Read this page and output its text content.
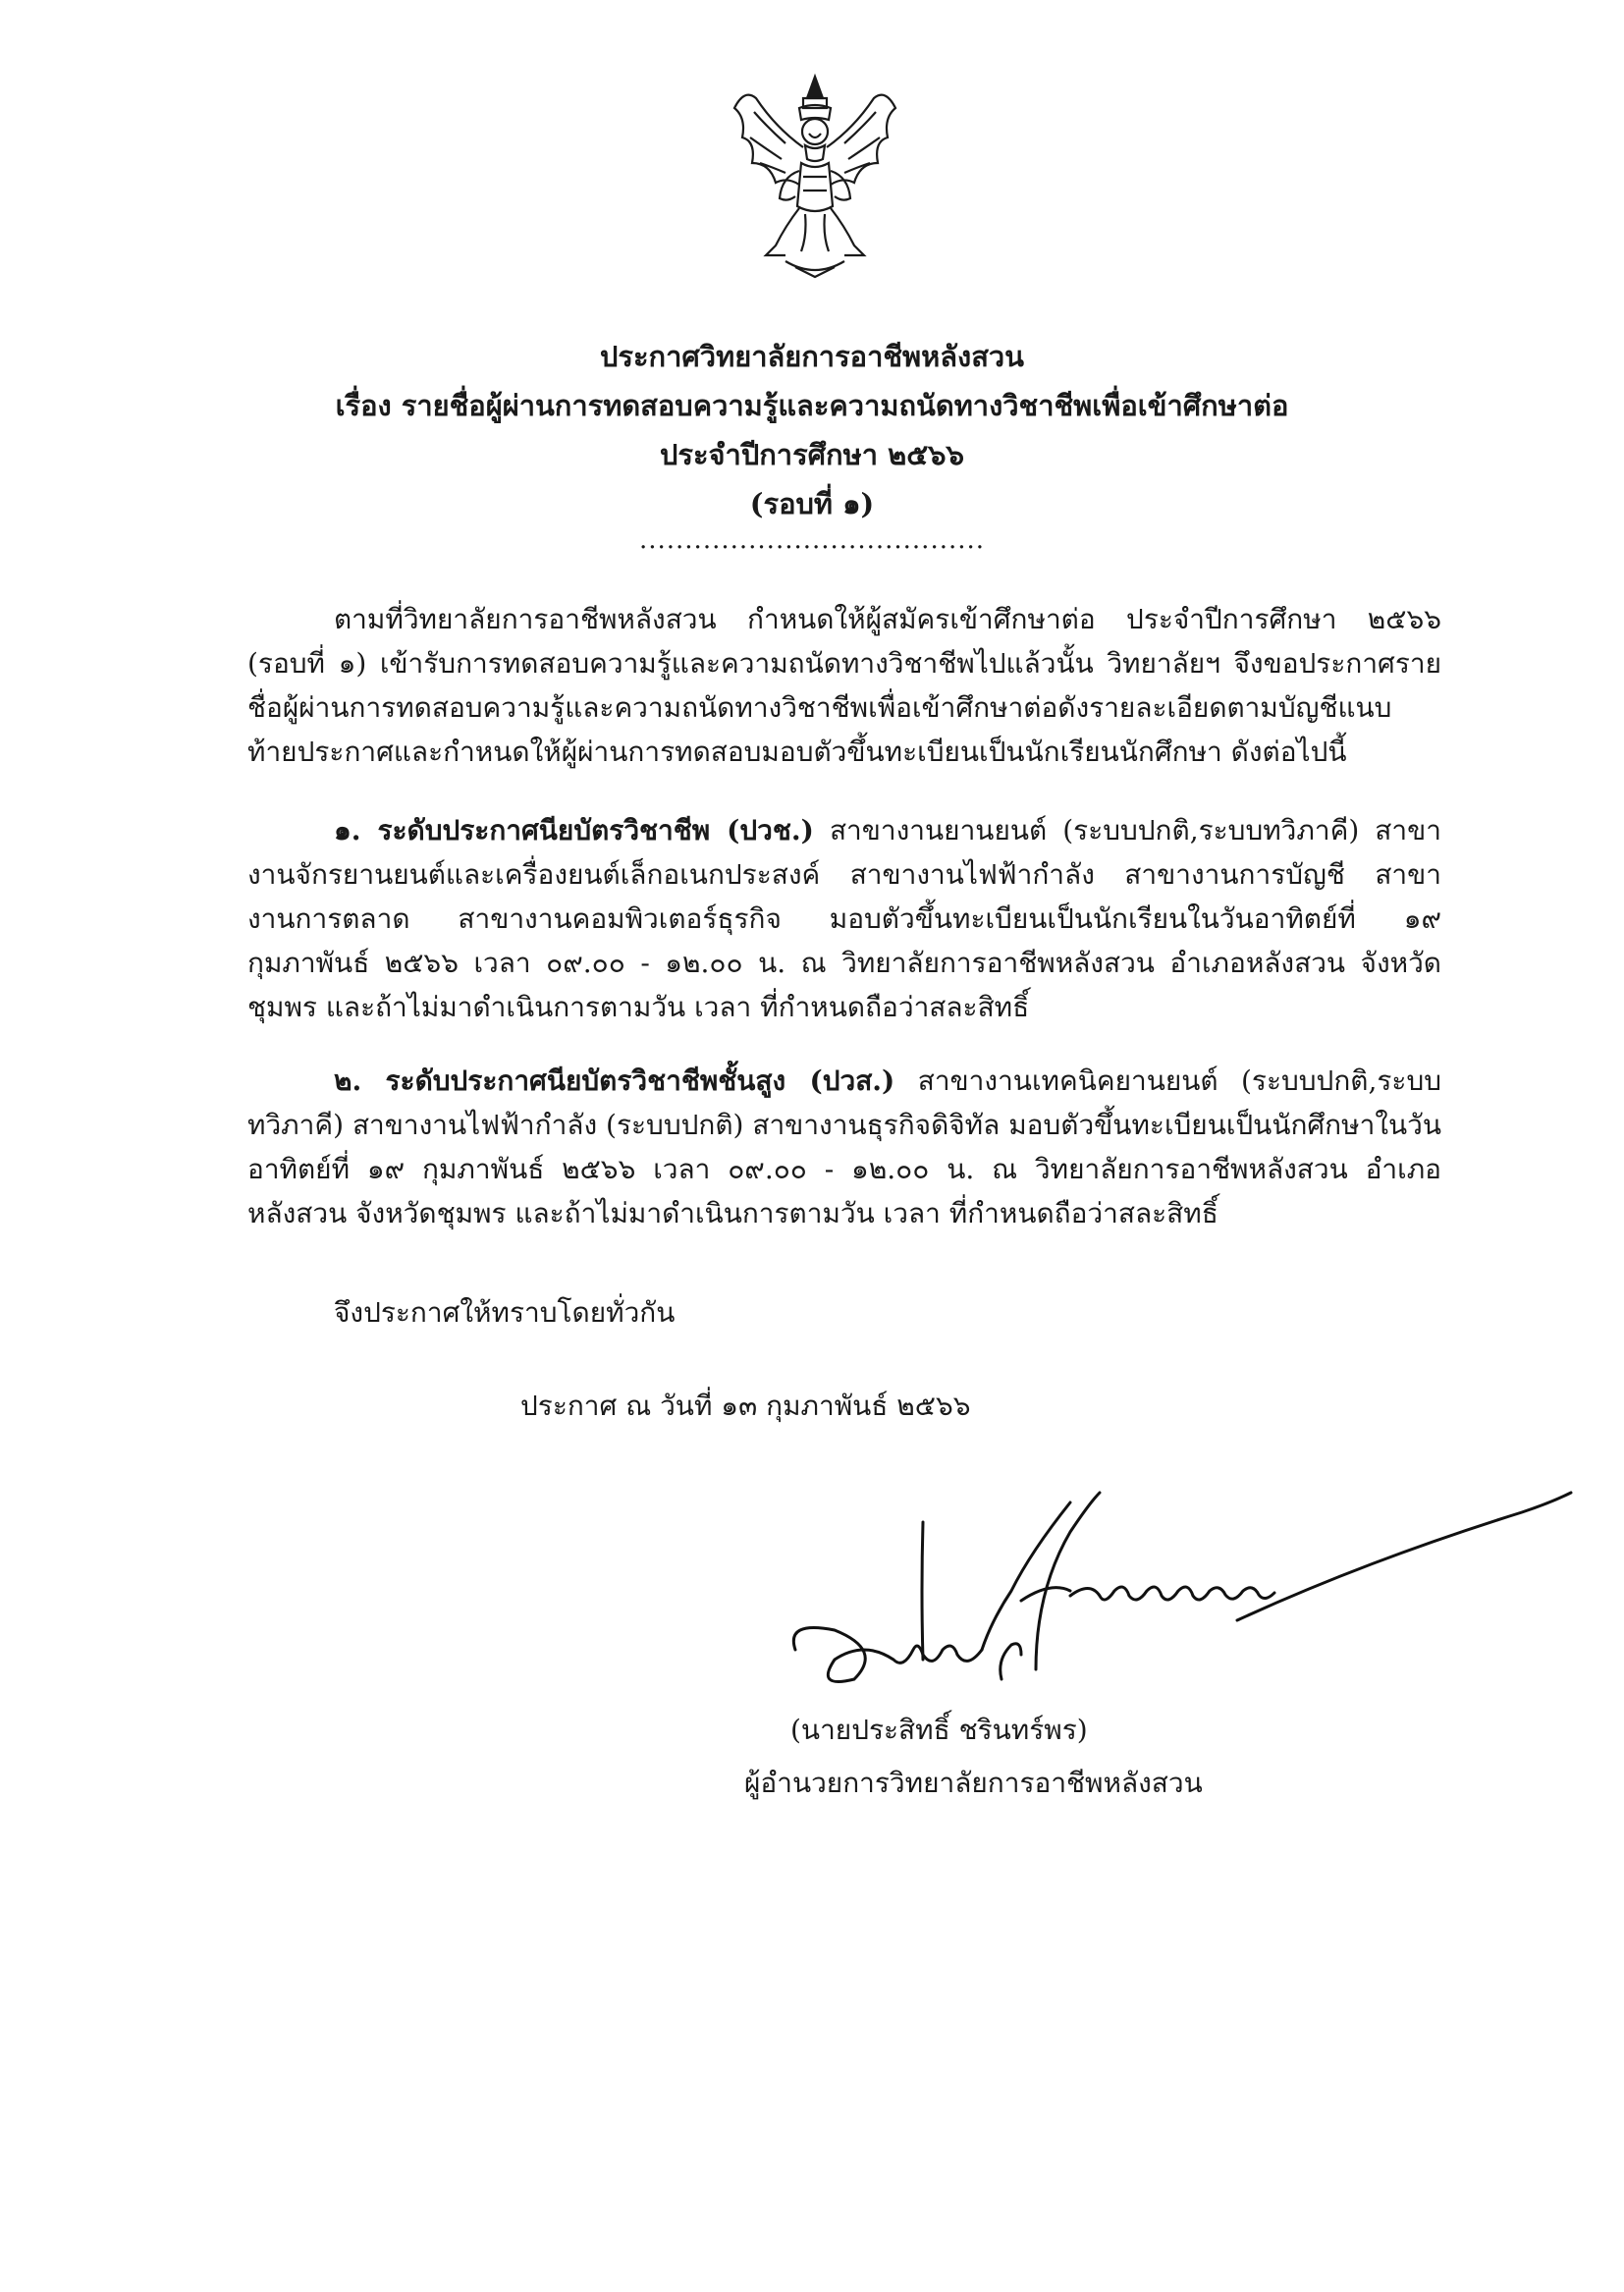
ประกาศวิทยาลัยการอาชีพหลังสวน
เรื่อง รายชื่อผู้ผ่านการทดสอบความรู้และความถนัดทางวิชาชีพเพื่อเข้าศึกษาต่อ
ประจำปีการศึกษา ๒๕๖๖
(รอบที่ ๑)
......................................
ตามที่วิทยาลัยการอาชีพหลังสวน กำหนดให้ผู้สมัครเข้าศึกษาต่อ ประจำปีการศึกษา ๒๕๖๖ (รอบที่ ๑) เข้ารับการทดสอบความรู้และความถนัดทางวิชาชีพไปแล้วนั้น วิทยาลัยฯ จึงขอประกาศรายชื่อผู้ผ่านการทดสอบความรู้และความถนัดทางวิชาชีพเพื่อเข้าศึกษาต่อดังรายละเอียดตามบัญชีแนบท้ายประกาศและกำหนดให้ผู้ผ่านการทดสอบมอบตัวขึ้นทะเบียนเป็นนักเรียนนักศึกษา ดังต่อไปนี้
๑. ระดับประกาศนียบัตรวิชาชีพ (ปวช.) สาขางานยานยนต์ (ระบบปกติ,ระบบทวิภาคี) สาขางานจักรยานยนต์และเครื่องยนต์เล็กอเนกประสงค์ สาขางานไฟฟ้ากำลัง สาขางานการบัญชี สาขางานการตลาด สาขางานคอมพิวเตอร์ธุรกิจ มอบตัวขึ้นทะเบียนเป็นนักเรียนในวันอาทิตย์ที่ ๑๙ กุมภาพันธ์ ๒๕๖๖ เวลา ๐๙.๐๐ - ๑๒.๐๐ น. ณ วิทยาลัยการอาชีพหลังสวน อำเภอหลังสวน จังหวัดชุมพร และถ้าไม่มาดำเนินการตามวัน เวลา ที่กำหนดถือว่าสละสิทธิ์
๒. ระดับประกาศนียบัตรวิชาชีพชั้นสูง (ปวส.) สาขางานเทคนิคยานยนต์ (ระบบปกติ,ระบบทวิภาคี) สาขางานไฟฟ้ากำลัง (ระบบปกติ) สาขางานธุรกิจดิจิทัล มอบตัวขึ้นทะเบียนเป็นนักศึกษาในวันอาทิตย์ที่ ๑๙ กุมภาพันธ์ ๒๕๖๖ เวลา ๐๙.๐๐ - ๑๒.๐๐ น. ณ วิทยาลัยการอาชีพหลังสวน อำเภอหลังสวน จังหวัดชุมพร และถ้าไม่มาดำเนินการตามวัน เวลา ที่กำหนดถือว่าสละสิทธิ์
จึงประกาศให้ทราบโดยทั่วกัน
ประกาศ ณ วันที่ ๑๓ กุมภาพันธ์ ๒๕๖๖
(นายประสิทธิ์ ชรินทร์พร)
ผู้อำนวยการวิทยาลัยการอาชีพหลังสวน
